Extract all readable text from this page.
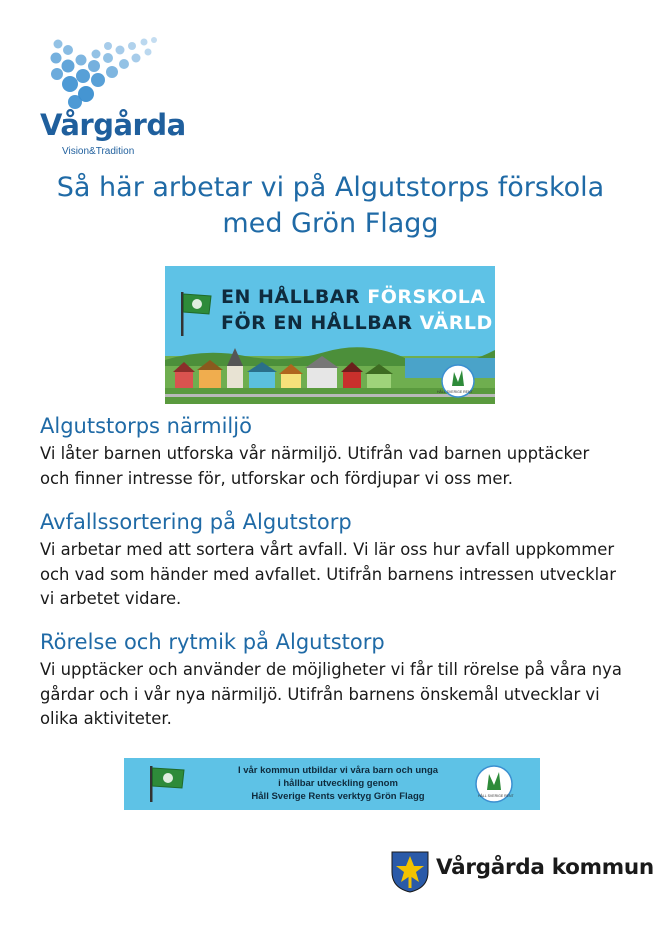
Vårgårda
Vision&Tradition
Så här arbetar vi på Algutstorps förskola
med Grön Flagg
EN HÅLLBAR FÖRSKOLA
FÖR EN HÅLLBAR VÄRLD
HÅLL SVERIGE RENT
Algutstorps närmiljö
Vi låter barnen utforska vår närmiljö. Utifrån vad barnen upptäcker
och finner intresse för, utforskar och fördjupar vi oss mer.
Avfallssortering på Algutstorp
Vi arbetar med att sortera vårt avfall. Vi lär oss hur avfall uppkommer
och vad som händer med avfallet. Utifrån barnens intressen utvecklar
vi arbetet vidare.
Rörelse och rytmik på Algutstorp
Vi upptäcker och använder de möjligheter vi får till rörelse på våra nya
gårdar och i vår nya närmiljö. Utifrån barnens önskemål utvecklar vi
olika aktiviteter.
I vår kommun utbildar vi våra barn och unga
i hållbar utveckling genom
Håll Sverige Rents verktyg Grön Flagg	HÅLL SVERIGE RENT
Vårgårda kommun
